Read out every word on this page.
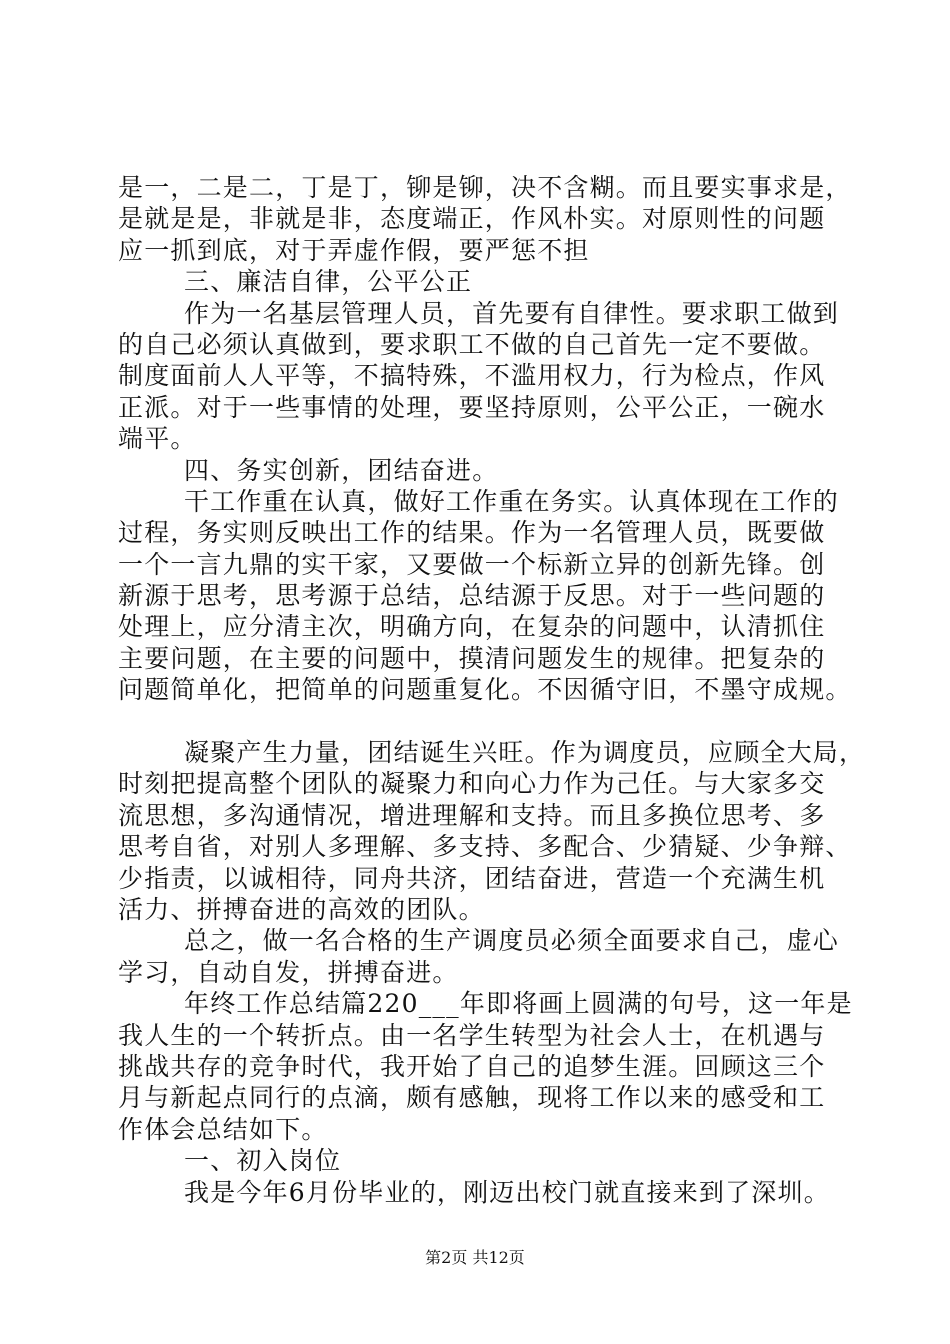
是一，二是二，丁是丁，铆是铆，决不含糊。而且要实事求是，
是就是是，非就是非，态度端正，作风朴实。对原则性的问题
应一抓到底，对于弄虚作假，要严惩不担
三、廉洁自律，公平公正
作为一名基层管理人员，首先要有自律性。要求职工做到
的自己必须认真做到，要求职工不做的自己首先一定不要做。
制度面前人人平等，不搞特殊，不滥用权力，行为检点，作风
正派。对于一些事情的处理，要坚持原则，公平公正，一碗水
端平。
四、务实创新，团结奋进。
干工作重在认真，做好工作重在务实。认真体现在工作的
过程，务实则反映出工作的结果。作为一名管理人员，既要做
一个一言九鼎的实干家，又要做一个标新立异的创新先锋。创
新源于思考，思考源于总结，总结源于反思。对于一些问题的
处理上，应分清主次，明确方向，在复杂的问题中，认清抓住
主要问题，在主要的问题中，摸清问题发生的规律。把复杂的
问题简单化，把简单的问题重复化。不因循守旧，不墨守成规。
凝聚产生力量，团结诞生兴旺。作为调度员，应顾全大局，
时刻把提高整个团队的凝聚力和向心力作为己任。与大家多交
流思想，多沟通情况，增进理解和支持。而且多换位思考、多
思考自省，对别人多理解、多支持、多配合、少猜疑、少争辩、
少指责，以诚相待，同舟共济，团结奋进，营造一个充满生机
活力、拼搏奋进的高效的团队。
总之，做一名合格的生产调度员必须全面要求自己，虚心
学习，自动自发，拼搏奋进。
年终工作总结篇220___年即将画上圆满的句号，这一年是
我人生的一个转折点。由一名学生转型为社会人士，在机遇与
挑战共存的竞争时代，我开始了自己的追梦生涯。回顾这三个
月与新起点同行的点滴，颇有感触，现将工作以来的感受和工
作体会总结如下。
一、初入岗位
我是今年6月份毕业的，刚迈出校门就直接来到了深圳。
第2页 共12页
